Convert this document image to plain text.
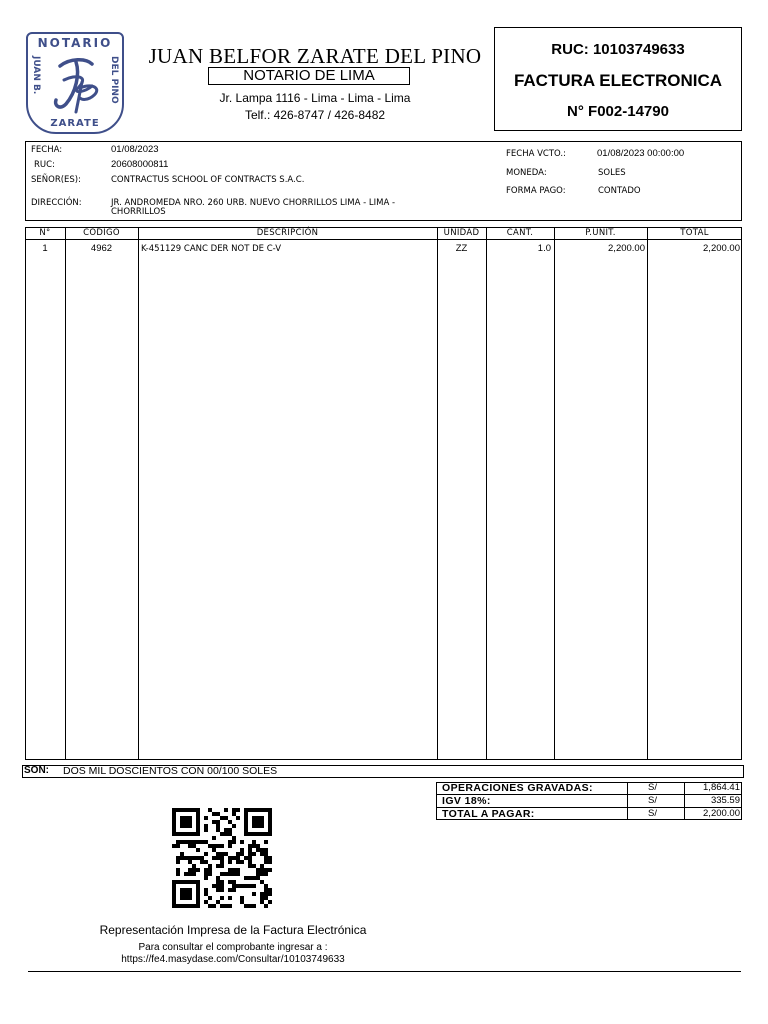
NOTARIO
JUAN B.	DEL PINO
ZARATE
JUAN BELFOR ZARATE DEL PINO
NOTARIO DE LIMA
Jr. Lampa 1116 - Lima - Lima - Lima
Telf.: 426-8747 / 426-8482
RUC: 10103749633
FACTURA ELECTRONICA
N° F002-14790
FECHA:	01/08/2023
RUC:	20608000811
SEÑOR(ES):	CONTRACTUS SCHOOL OF CONTRACTS S.A.C.
DIRECCIÓN:	JR. ANDROMEDA NRO. 260 URB. NUEVO CHORRILLOS LIMA - LIMA -
CHORRILLOS
FECHA VCTO.:	01/08/2023 00:00:00
MONEDA:	SOLES
FORMA PAGO:	CONTADO
N°	CODIGO	DESCRIPCIÓN	UNIDAD	CANT.	P.UNIT.	TOTAL
1	4962	K-451129 CANC DER NOT DE C-V	ZZ	1.0	2,200.00	2,200.00
SON: DOS MIL DOSCIENTOS CON 00/100 SOLES
OPERACIONES GRAVADAS:	S/	1,864.41
IGV 18%:	S/	335.59
TOTAL A PAGAR:	S/	2,200.00
Representación Impresa de la Factura Electrónica
Para consultar el comprobante ingresar a :
https://fe4.masydase.com/Consultar/10103749633
